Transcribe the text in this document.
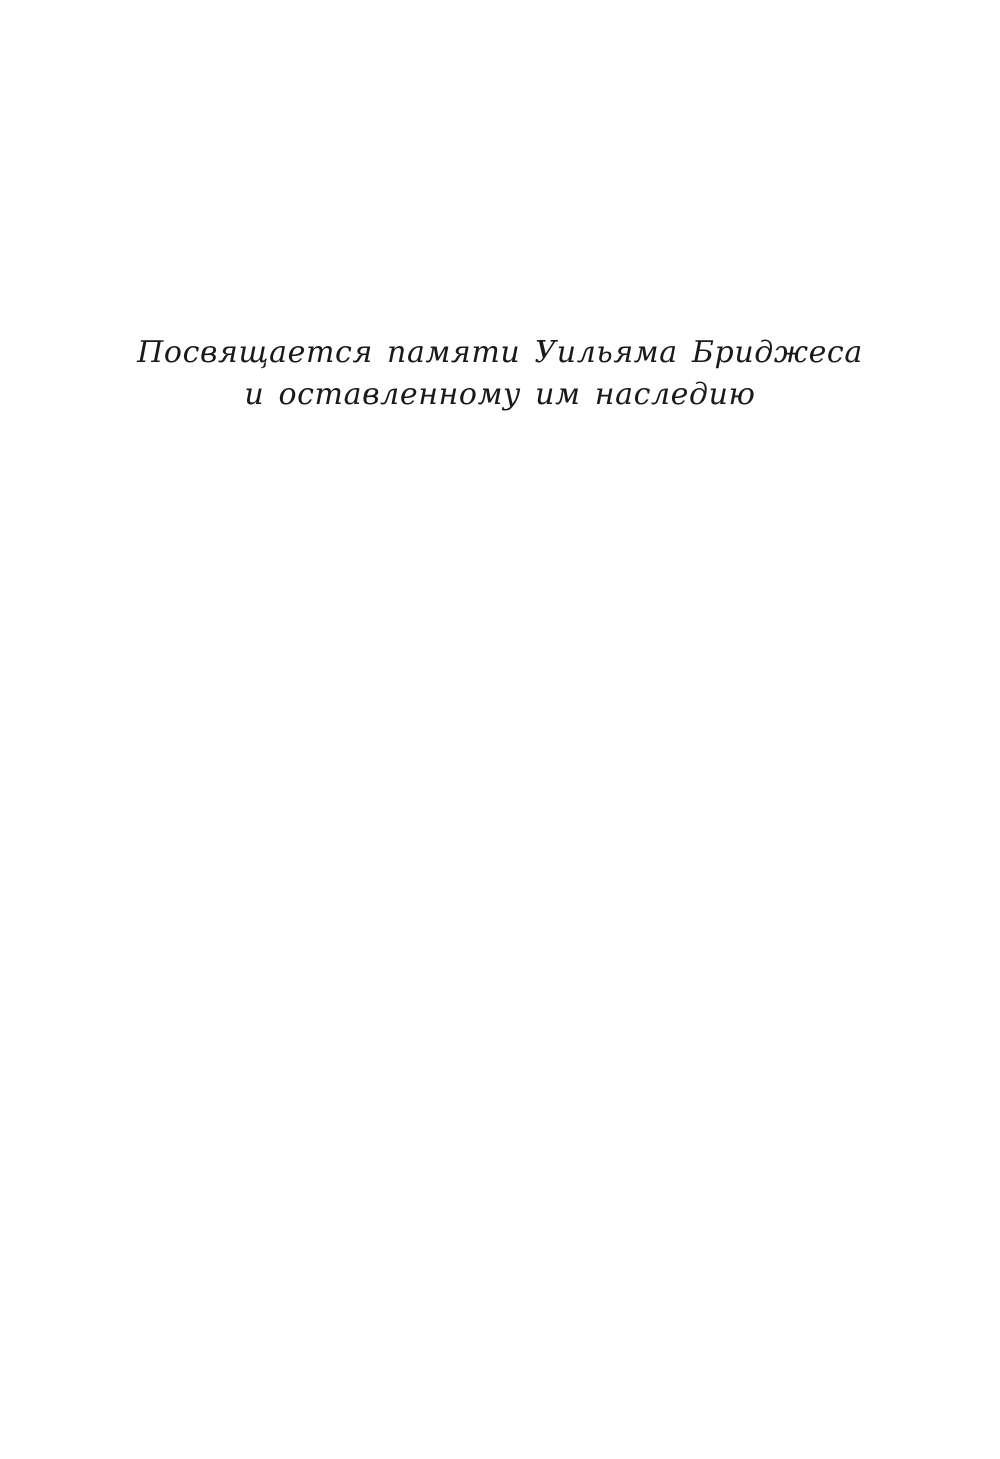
Посвящается памяти Уильяма Бриджеса
и оставленному им наследию
